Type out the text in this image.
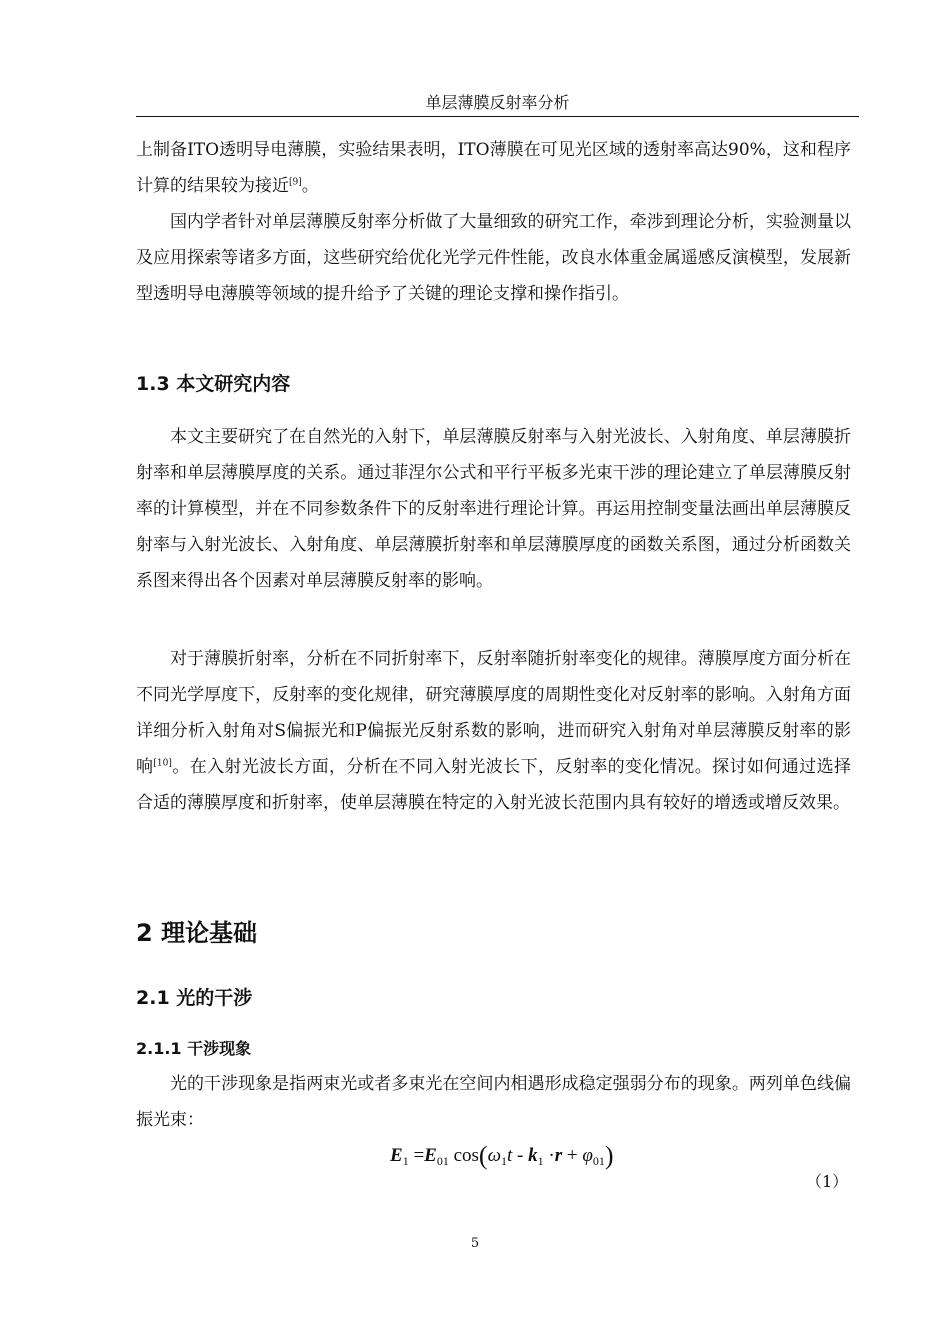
单层薄膜反射率分析

上制备ITO透明导电薄膜，实验结果表明，ITO薄膜在可见光区域的透射率高达90%，这和程序计算的结果较为接近[9]。

国内学者针对单层薄膜反射率分析做了大量细致的研究工作，牵涉到理论分析，实验测量以及应用探索等诸多方面，这些研究给优化光学元件性能，改良水体重金属遥感反演模型，发展新型透明导电薄膜等领域的提升给予了关键的理论支撑和操作指引。

1.3 本文研究内容

本文主要研究了在自然光的入射下，单层薄膜反射率与入射光波长、入射角度、单层薄膜折射率和单层薄膜厚度的关系。通过菲涅尔公式和平行平板多光束干涉的理论建立了单层薄膜反射率的计算模型，并在不同参数条件下的反射率进行理论计算。再运用控制变量法画出单层薄膜反射率与入射光波长、入射角度、单层薄膜折射率和单层薄膜厚度的函数关系图，通过分析函数关系图来得出各个因素对单层薄膜反射率的影响。

对于薄膜折射率，分析在不同折射率下，反射率随折射率变化的规律。薄膜厚度方面分析在不同光学厚度下，反射率的变化规律，研究薄膜厚度的周期性变化对反射率的影响。入射角方面详细分析入射角对S偏振光和P偏振光反射系数的影响，进而研究入射角对单层薄膜反射率的影响[10]。在入射光波长方面，分析在不同入射光波长下，反射率的变化情况。探讨如何通过选择合适的薄膜厚度和折射率，使单层薄膜在特定的入射光波长范围内具有较好的增透或增反效果。

2 理论基础
2.1 光的干涉
2.1.1 干涉现象

光的干涉现象是指两束光或者多束光在空间内相遇形成稳定强弱分布的现象。两列单色线偏振光束：

$E_1 =E_{01}$ $\cos(\omega_1t - k_1 \cdot r + \varphi_{01})$
（1）
5
